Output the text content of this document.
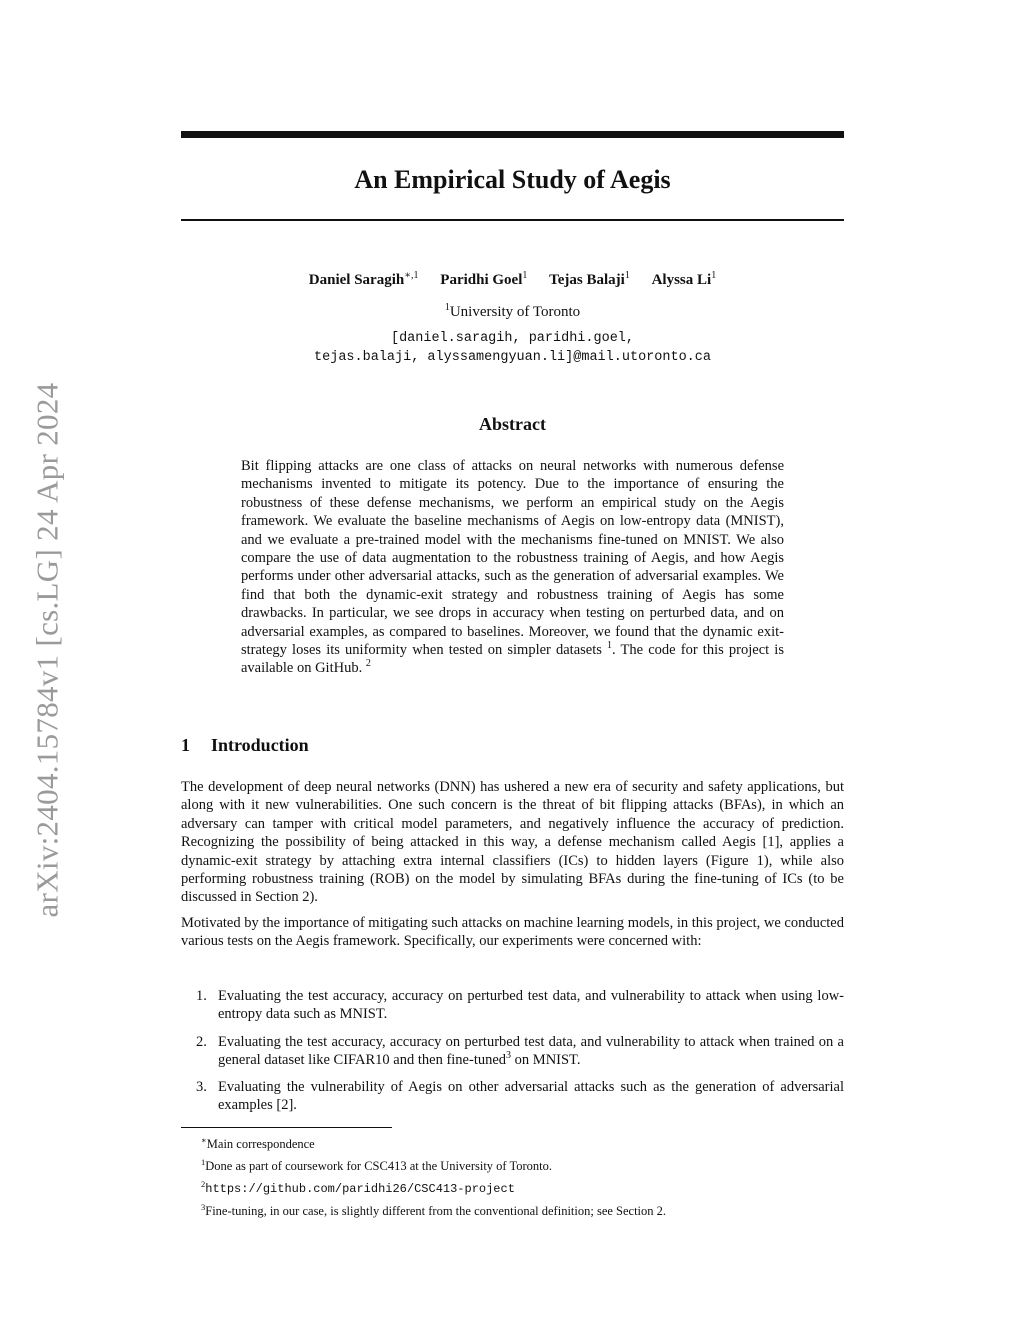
arXiv:2404.15784v1 [cs.LG] 24 Apr 2024
An Empirical Study of Aegis
Daniel Saragih$^{∗,1}$ Paridhi Goel$^1$ Tejas Balaji$^1$ Alyssa Li$^1$
$^1$University of Toronto
[daniel.saragih, paridhi.goel,
tejas.balaji, alyssamengyuan.li]@mail.utoronto.ca
Abstract

Bit flipping attacks are one class of attacks on neural networks with numerous defense mechanisms invented to mitigate its potency. Due to the importance of ensuring the robustness of these defense mechanisms, we perform an empirical study on the Aegis framework. We evaluate the baseline mechanisms of Aegis on low-entropy data (MNIST), and we evaluate a pre-trained model with the mechanisms fine-tuned on MNIST. We also compare the use of data augmentation to the robustness training of Aegis, and how Aegis performs under other adversarial attacks, such as the generation of adversarial examples. We find that both the dynamic-exit strategy and robustness training of Aegis has some drawbacks. In particular, we see drops in accuracy when testing on perturbed data, and on adversarial examples, as compared to baselines. Moreover, we found that the dynamic exit-strategy loses its uniformity when tested on simpler datasets $^1$. The code for this project is available on GitHub. $^2$

1 Introduction

The development of deep neural networks (DNN) has ushered a new era of security and safety applications, but along with it new vulnerabilities. One such concern is the threat of bit flipping attacks (BFAs), in which an adversary can tamper with critical model parameters, and negatively influence the accuracy of prediction. Recognizing the possibility of being attacked in this way, a defense mechanism called Aegis [1], applies a dynamic-exit strategy by attaching extra internal classifiers (ICs) to hidden layers (Figure 1), while also performing robustness training (ROB) on the model by simulating BFAs during the fine-tuning of ICs (to be discussed in Section 2).

Motivated by the importance of mitigating such attacks on machine learning models, in this project, we conducted various tests on the Aegis framework. Specifically, our experiments were concerned with:

1. Evaluating the test accuracy, accuracy on perturbed test data, and vulnerability to attack when using low-entropy data such as MNIST.
2. Evaluating the test accuracy, accuracy on perturbed test data, and vulnerability to attack when trained on a general dataset like CIFAR10 and then fine-tuned$^3$ on MNIST.
3. Evaluating the vulnerability of Aegis on other adversarial attacks such as the generation of adversarial examples [2].
∗Main correspondence
$^1$Done as part of coursework for CSC413 at the University of Toronto.
$^2$https://github.com/paridhi26/CSC413-project
$^3$Fine-tuning, in our case, is slightly different from the conventional definition; see Section 2.
